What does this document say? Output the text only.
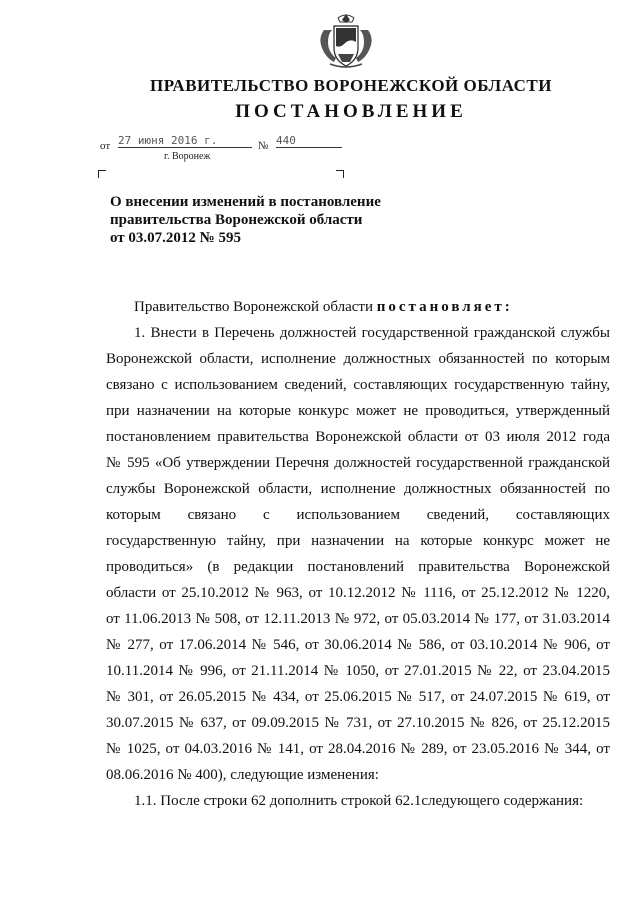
ПРАВИТЕЛЬСТВО ВОРОНЕЖСКОЙ ОБЛАСТИ
ПОСТАНОВЛЕНИЕ
от 27 июня 2016 г.	№ 440
г. Воронеж
О внесении изменений в постановление
правительства Воронежской области
от 03.07.2012 № 595
Правительство Воронежской области постановляет:
1. Внести в Перечень должностей государственной гражданской службы
Воронежской области, исполнение должностных обязанностей по которым
связано с использованием сведений, составляющих государственную тайну,
при назначении на которые конкурс может не проводиться, утвержденный
постановлением правительства Воронежской области от 03 июля 2012 года
№ 595 «Об утверждении Перечня должностей государственной гражданской
службы Воронежской области, исполнение должностных обязанностей по
которым связано с использованием сведений, составляющих
государственную тайну, при назначении на которые конкурс может не
проводиться» (в редакции постановлений правительства Воронежской
области от 25.10.2012 № 963, от 10.12.2012 № 1116, от 25.12.2012 № 1220,
от 11.06.2013 № 508, от 12.11.2013 № 972, от 05.03.2014 № 177, от 31.03.2014
№ 277, от 17.06.2014 № 546, от 30.06.2014 № 586, от 03.10.2014 № 906, от
10.11.2014 № 996, от 21.11.2014 № 1050, от 27.01.2015 № 22, от 23.04.2015
№ 301, от 26.05.2015 № 434, от 25.06.2015 № 517, от 24.07.2015 № 619, от
30.07.2015 № 637, от 09.09.2015 № 731, от 27.10.2015 № 826, от 25.12.2015
№ 1025, от 04.03.2016 № 141, от 28.04.2016 № 289, от 23.05.2016 № 344, от
08.06.2016 № 400), следующие изменения:
1.1. После строки 62 дополнить строкой 62.1следующего содержания:
